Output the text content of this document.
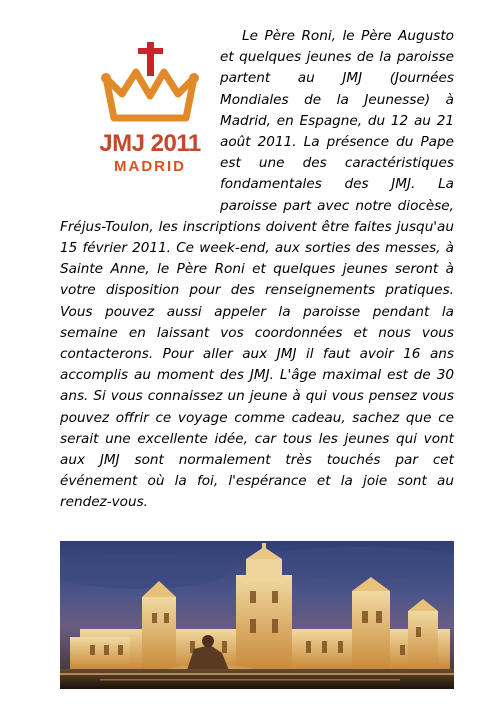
Le Père Roni, le Père Augusto et quelques jeunes de la paroisse partent au JMJ (Journées Mondiales de la Jeunesse) à Madrid, en Espagne, du 12 au 21 août 2011. La présence du Pape est une des caractéristiques fondamentales des JMJ. La paroisse part avec notre diocèse, Fréjus-Toulon, les inscriptions doivent être faites jusqu'au 15 février 2011. Ce week-end, aux sorties des messes, à Sainte Anne, le Père Roni et quelques jeunes seront à votre disposition pour des renseignements pratiques. Vous pouvez aussi appeler la paroisse pendant la semaine en laissant vos coordonnées et nous vous contacterons. Pour aller aux JMJ il faut avoir 16 ans accomplis au moment des JMJ. L'âge maximal est de 30 ans. Si vous connaissez un jeune à qui vous pensez vous pouvez offrir ce voyage comme cadeau, sachez que ce serait une excellente idée, car tous les jeunes qui vont aux JMJ sont normalement très touchés par cet événement où la foi, l'espérance et la joie sont au rendez-vous.

JMJ 2011
MADRID
